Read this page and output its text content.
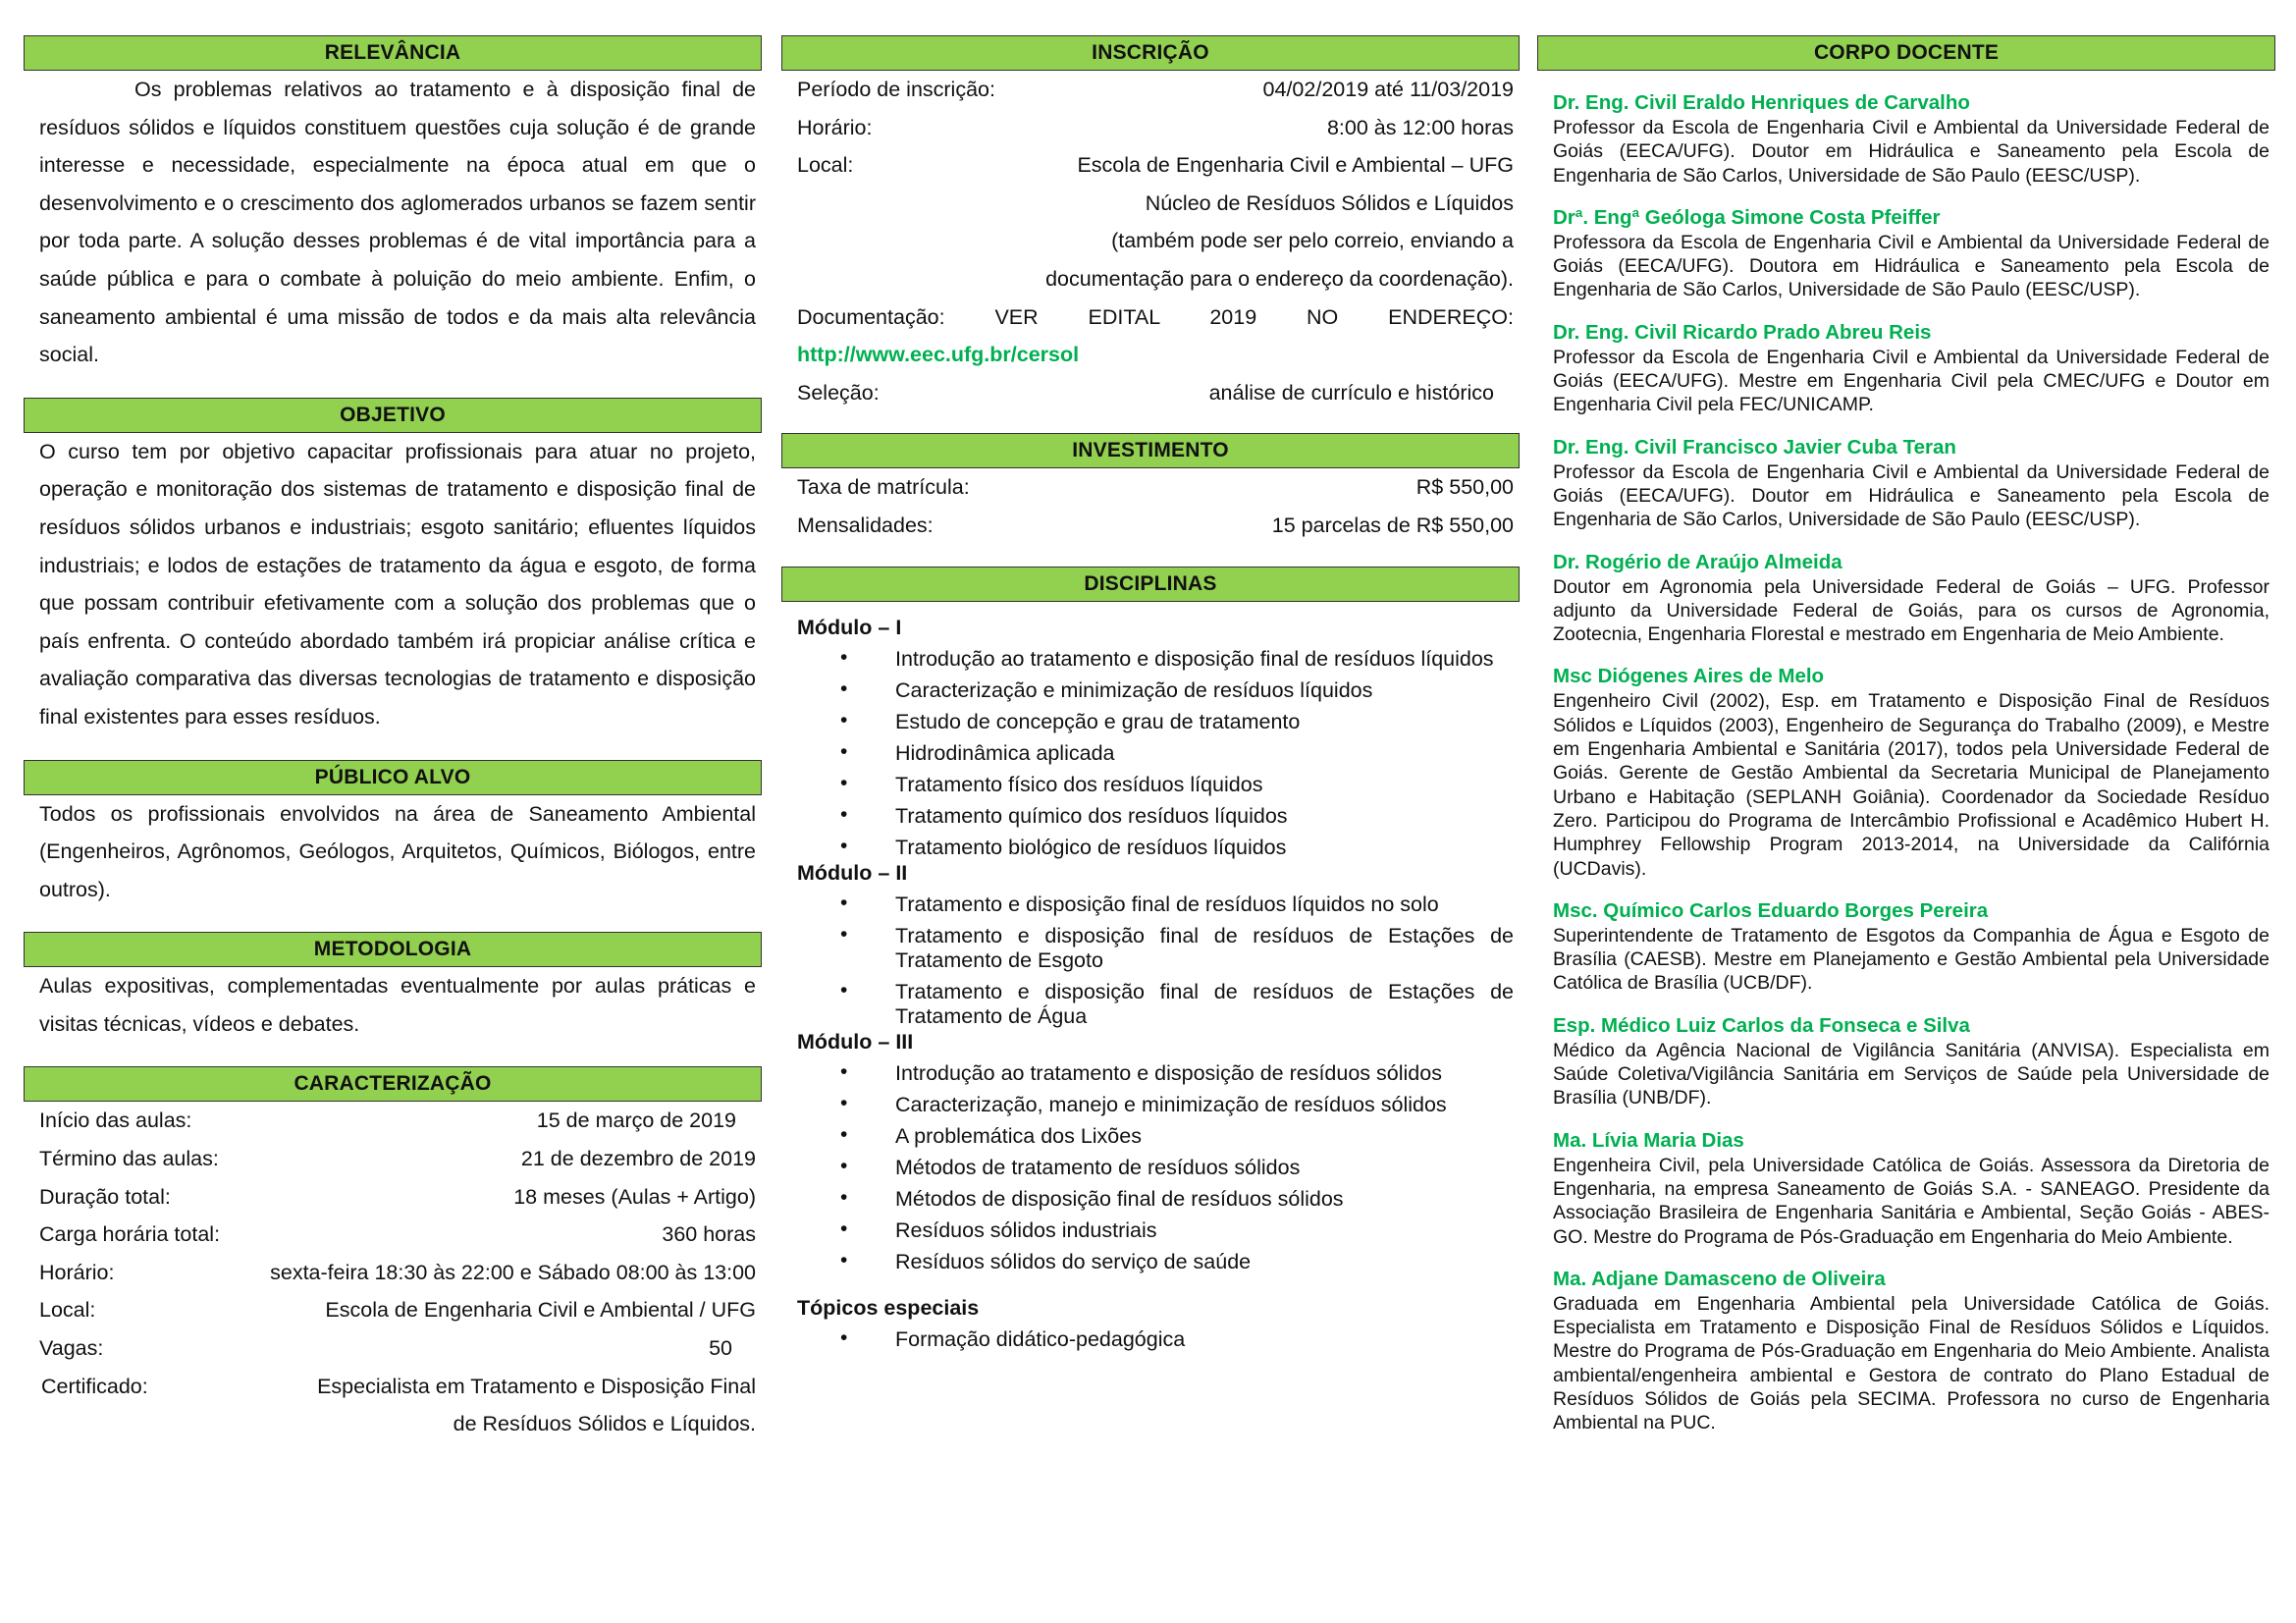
RELEVÂNCIA
Os problemas relativos ao tratamento e à disposição final de resíduos sólidos e líquidos constituem questões cuja solução é de grande interesse e necessidade, especialmente na época atual em que o desenvolvimento e o crescimento dos aglomerados urbanos se fazem sentir por toda parte. A solução desses problemas é de vital importância para a saúde pública e para o combate à poluição do meio ambiente. Enfim, o saneamento ambiental é uma missão de todos e da mais alta relevância social.
OBJETIVO
O curso tem por objetivo capacitar profissionais para atuar no projeto, operação e monitoração dos sistemas de tratamento e disposição final de resíduos sólidos urbanos e industriais; esgoto sanitário; efluentes líquidos industriais; e lodos de estações de tratamento da água e esgoto, de forma que possam contribuir efetivamente com a solução dos problemas que o país enfrenta. O conteúdo abordado também irá propiciar análise crítica e avaliação comparativa das diversas tecnologias de tratamento e disposição final existentes para esses resíduos.
PÚBLICO ALVO
Todos os profissionais envolvidos na área de Saneamento Ambiental (Engenheiros, Agrônomos, Geólogos, Arquitetos, Químicos, Biólogos, entre outros).
METODOLOGIA
Aulas expositivas, complementadas eventualmente por aulas práticas e visitas técnicas, vídeos e debates.
CARACTERIZAÇÃO
Início das aulas:	15 de março de 2019
Término das aulas:	21 de dezembro de 2019
Duração total:	18 meses (Aulas + Artigo)
Carga horária total:	360 horas
Horário:	sexta-feira 18:30 às 22:00 e Sábado 08:00 às 13:00
Local:	Escola de Engenharia Civil e Ambiental / UFG
Vagas:	50
Certificado:	Especialista em Tratamento e Disposição Final
de Resíduos Sólidos e Líquidos.
INSCRIÇÃO
Período de inscrição:	04/02/2019 até 11/03/2019
Horário:	8:00 às 12:00 horas
Local:	Escola de Engenharia Civil e Ambiental – UFG
Núcleo de Resíduos Sólidos e Líquidos
(também pode ser pelo correio, enviando a
documentação para o endereço da coordenação).
Documentação: VER EDITAL 2019 NO ENDEREÇO:
http://www.eec.ufg.br/cersol
Seleção:	análise de currículo e histórico
INVESTIMENTO
Taxa de matrícula:	R$ 550,00
Mensalidades:	15 parcelas de R$ 550,00
DISCIPLINAS
Módulo – I
• Introdução ao tratamento e disposição final de resíduos líquidos
• Caracterização e minimização de resíduos líquidos
• Estudo de concepção e grau de tratamento
• Hidrodinâmica aplicada
• Tratamento físico dos resíduos líquidos
• Tratamento químico dos resíduos líquidos
• Tratamento biológico de resíduos líquidos
Módulo – II
• Tratamento e disposição final de resíduos líquidos no solo
• Tratamento e disposição final de resíduos de Estações de Tratamento de Esgoto
• Tratamento e disposição final de resíduos de Estações de Tratamento de Água
Módulo – III
• Introdução ao tratamento e disposição de resíduos sólidos
• Caracterização, manejo e minimização de resíduos sólidos
• A problemática dos Lixões
• Métodos de tratamento de resíduos sólidos
• Métodos de disposição final de resíduos sólidos
• Resíduos sólidos industriais
• Resíduos sólidos do serviço de saúde
Tópicos especiais
• Formação didático-pedagógica
CORPO DOCENTE
Dr. Eng. Civil Eraldo Henriques de Carvalho
Professor da Escola de Engenharia Civil e Ambiental da Universidade Federal de Goiás (EECA/UFG). Doutor em Hidráulica e Saneamento pela Escola de Engenharia de São Carlos, Universidade de São Paulo (EESC/USP).
Drª. Engª Geóloga Simone Costa Pfeiffer
Professora da Escola de Engenharia Civil e Ambiental da Universidade Federal de Goiás (EECA/UFG). Doutora em Hidráulica e Saneamento pela Escola de Engenharia de São Carlos, Universidade de São Paulo (EESC/USP).
Dr. Eng. Civil Ricardo Prado Abreu Reis
Professor da Escola de Engenharia Civil e Ambiental da Universidade Federal de Goiás (EECA/UFG). Mestre em Engenharia Civil pela CMEC/UFG e Doutor em Engenharia Civil pela FEC/UNICAMP.
Dr. Eng. Civil Francisco Javier Cuba Teran
Professor da Escola de Engenharia Civil e Ambiental da Universidade Federal de Goiás (EECA/UFG). Doutor em Hidráulica e Saneamento pela Escola de Engenharia de São Carlos, Universidade de São Paulo (EESC/USP).
Dr. Rogério de Araújo Almeida
Doutor em Agronomia pela Universidade Federal de Goiás – UFG. Professor adjunto da Universidade Federal de Goiás, para os cursos de Agronomia, Zootecnia, Engenharia Florestal e mestrado em Engenharia de Meio Ambiente.
Msc Diógenes Aires de Melo
Engenheiro Civil (2002), Esp. em Tratamento e Disposição Final de Resíduos Sólidos e Líquidos (2003), Engenheiro de Segurança do Trabalho (2009), e Mestre em Engenharia Ambiental e Sanitária (2017), todos pela Universidade Federal de Goiás. Gerente de Gestão Ambiental da Secretaria Municipal de Planejamento Urbano e Habitação (SEPLANH Goiânia). Coordenador da Sociedade Resíduo Zero. Participou do Programa de Intercâmbio Profissional e Acadêmico Hubert H. Humphrey Fellowship Program 2013-2014, na Universidade da Califórnia (UCDavis).
Msc. Químico Carlos Eduardo Borges Pereira
Superintendente de Tratamento de Esgotos da Companhia de Água e Esgoto de Brasília (CAESB). Mestre em Planejamento e Gestão Ambiental pela Universidade Católica de Brasília (UCB/DF).
Esp. Médico Luiz Carlos da Fonseca e Silva
Médico da Agência Nacional de Vigilância Sanitária (ANVISA). Especialista em Saúde Coletiva/Vigilância Sanitária em Serviços de Saúde pela Universidade de Brasília (UNB/DF).
Ma. Lívia Maria Dias
Engenheira Civil, pela Universidade Católica de Goiás. Assessora da Diretoria de Engenharia, na empresa Saneamento de Goiás S.A. - SANEAGO. Presidente da Associação Brasileira de Engenharia Sanitária e Ambiental, Seção Goiás - ABES-GO. Mestre do Programa de Pós-Graduação em Engenharia do Meio Ambiente.
Ma. Adjane Damasceno de Oliveira
Graduada em Engenharia Ambiental pela Universidade Católica de Goiás. Especialista em Tratamento e Disposição Final de Resíduos Sólidos e Líquidos. Mestre do Programa de Pós-Graduação em Engenharia do Meio Ambiente. Analista ambiental/engenheira ambiental e Gestora de contrato do Plano Estadual de Resíduos Sólidos de Goiás pela SECIMA. Professora no curso de Engenharia Ambiental na PUC.
